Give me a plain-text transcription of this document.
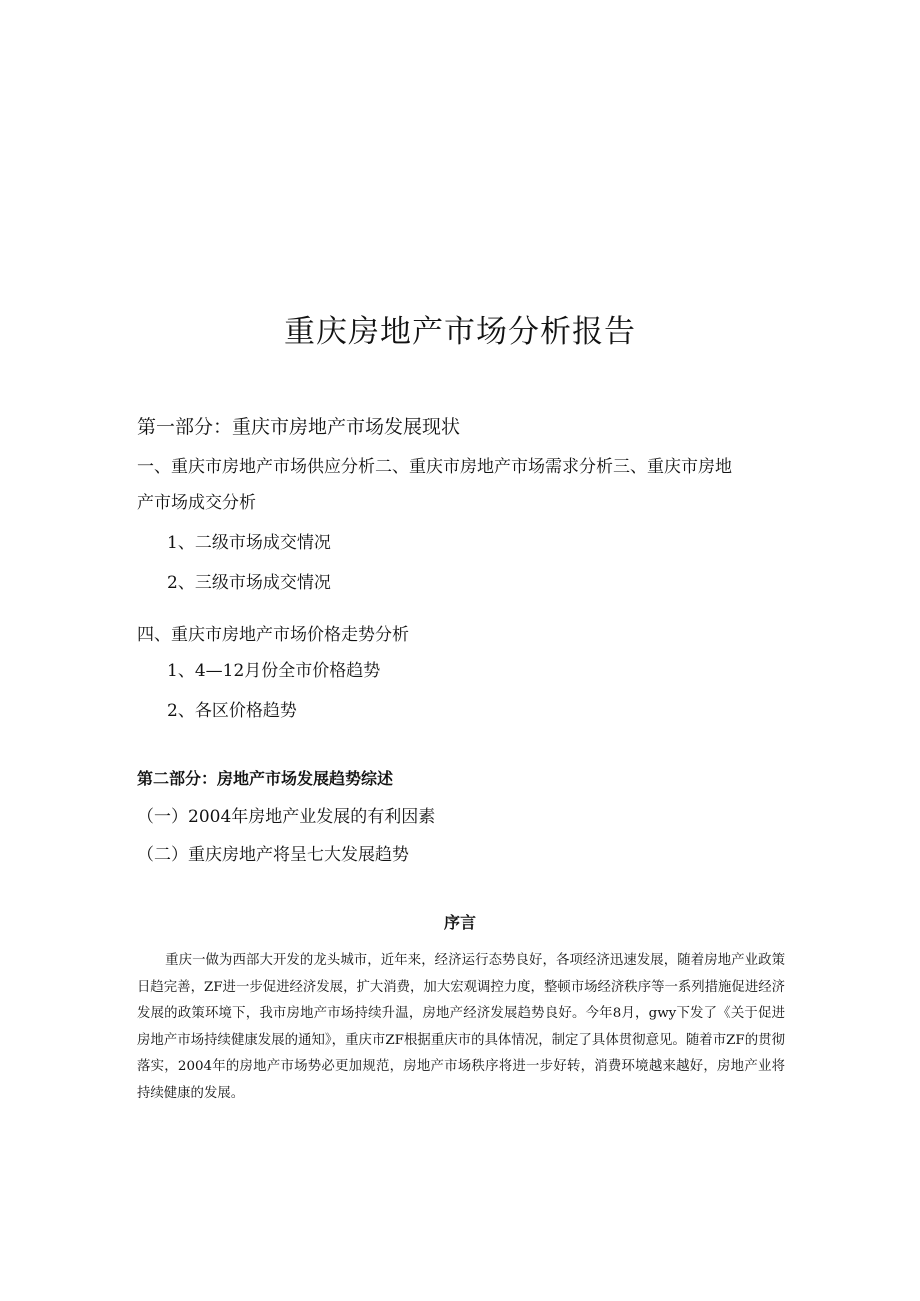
重庆房地产市场分析报告
第一部分：重庆市房地产市场发展现状
一、重庆市房地产市场供应分析二、重庆市房地产市场需求分析三、重庆市房地
产市场成交分析
1、二级市场成交情况
2、三级市场成交情况
四、重庆市房地产市场价格走势分析
1、4—12月份全市价格趋势
2、各区价格趋势
第二部分：房地产市场发展趋势综述
（一）2004年房地产业发展的有利因素
（二）重庆房地产将呈七大发展趋势
序言
重庆一做为西部大开发的龙头城市，近年来，经济运行态势良好，各项经济迅速发展，随着房地产业政策日趋完善，ZF进一步促进经济发展，扩大消费，加大宏观调控力度，整顿市场经济秩序等一系列措施促进经济发展的政策环境下，我市房地产市场持续升温，房地产经济发展趋势良好。今年8月，gwy下发了《关于促进房地产市场持续健康发展的通知》，重庆市ZF根据重庆市的具体情况，制定了具体贯彻意见。随着市ZF的贯彻落实，2004年的房地产市场势必更加规范，房地产市场秩序将进一步好转，消费环境越来越好，房地产业将持续健康的发展。
